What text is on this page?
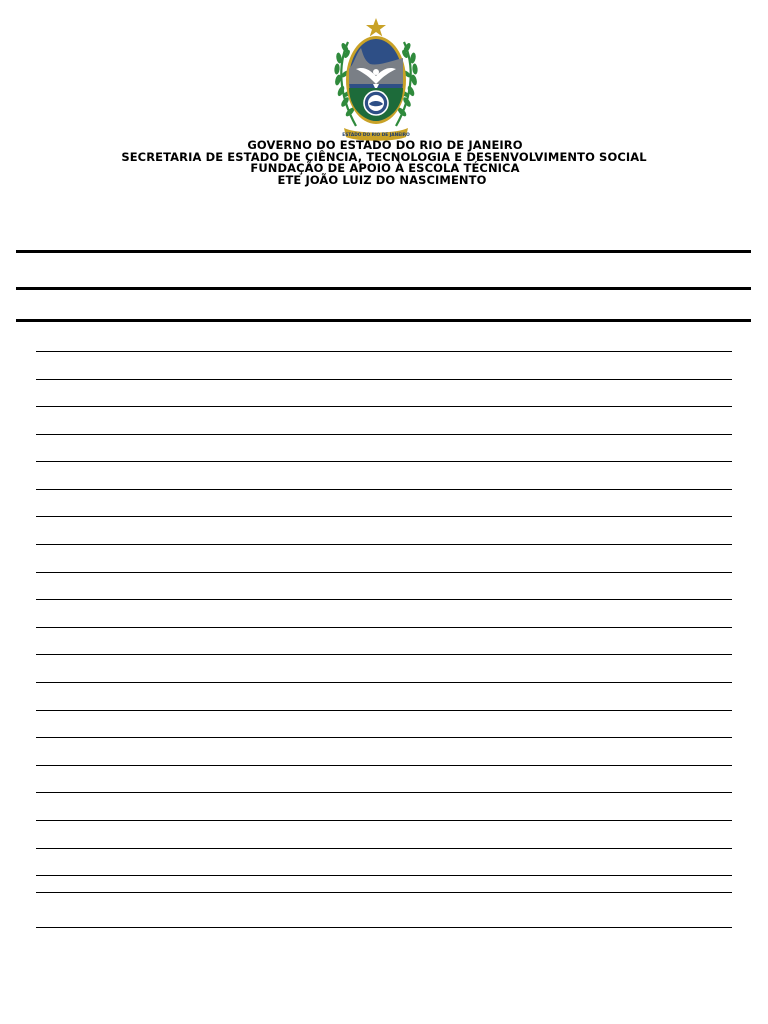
ESTADO DO RIO DE JANEIRO
GOVERNO DO ESTADO DO RIO DE JANEIRO
SECRETARIA DE ESTADO DE CIÊNCIA, TECNOLOGIA E DESENVOLVIMENTO SOCIAL
FUNDAÇÃO DE APOIO À ESCOLA TÉCNICA
ETE JOÃO LUIZ DO NASCIMENTO
